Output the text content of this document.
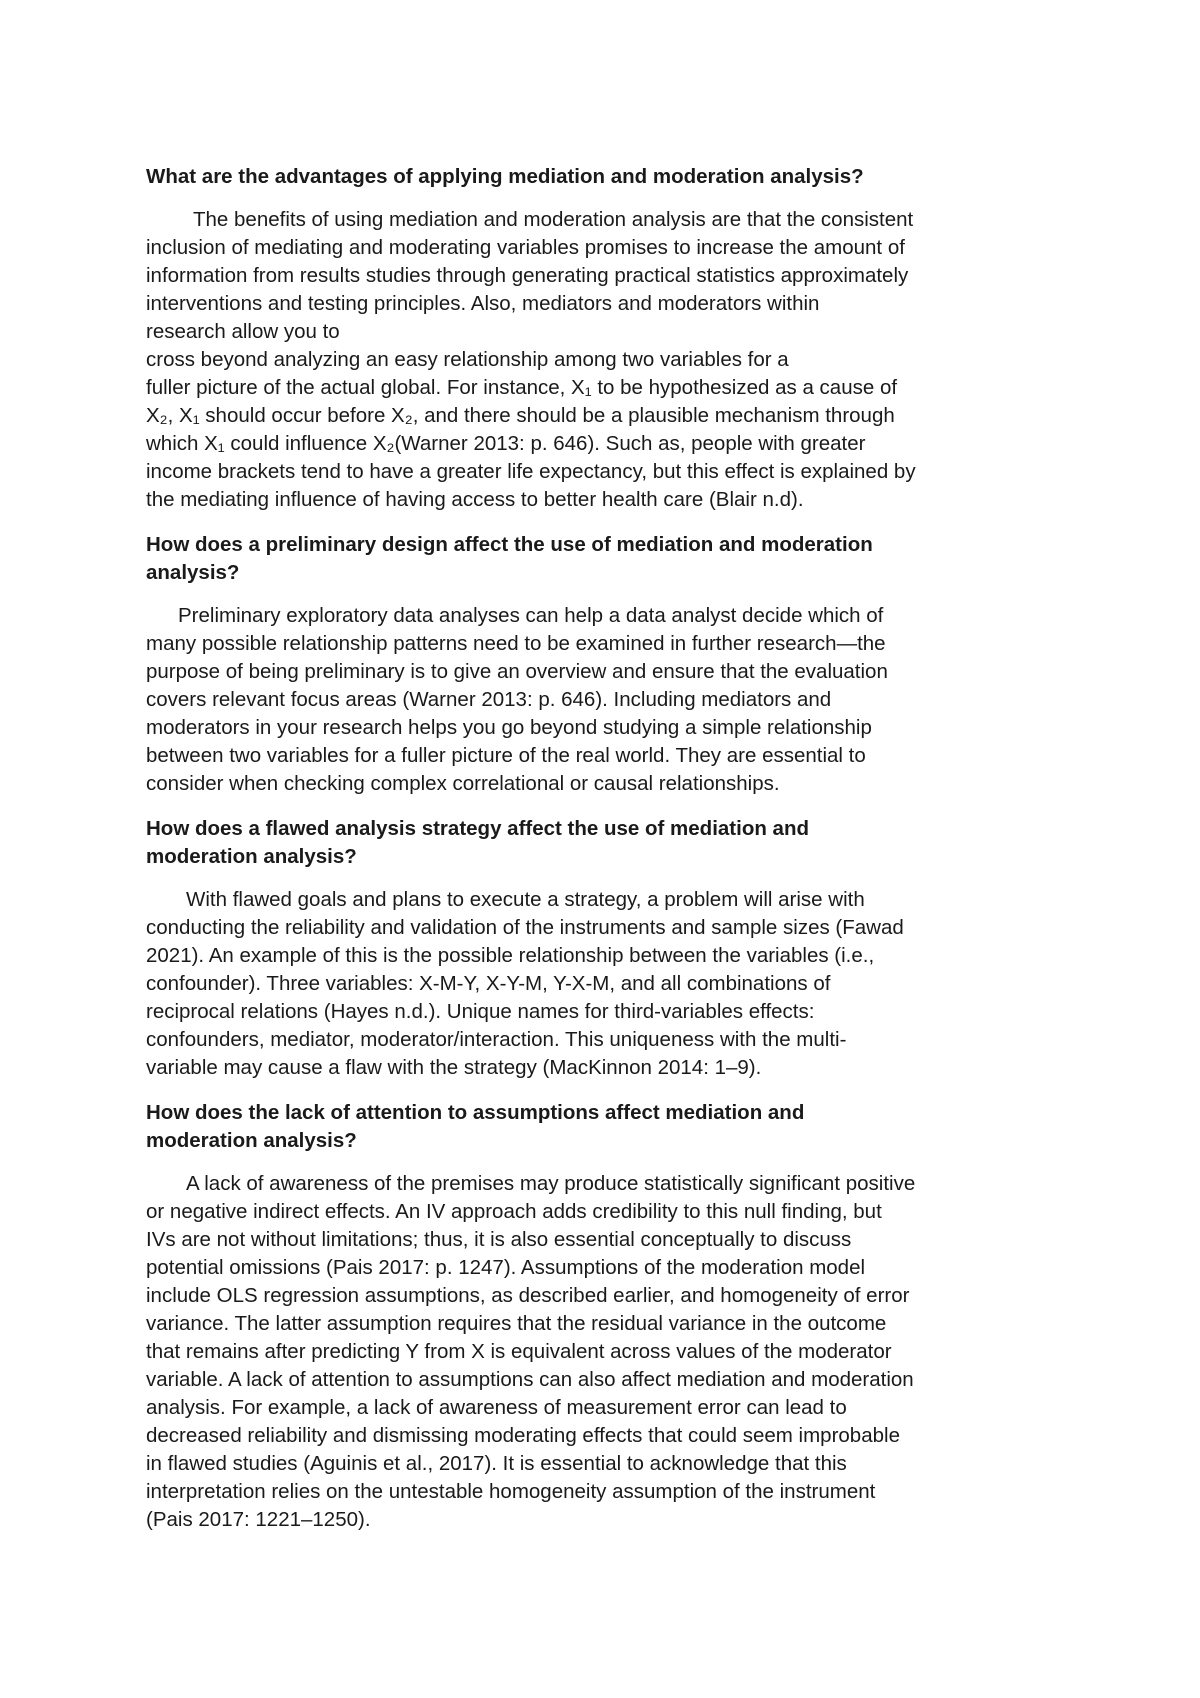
What are the advantages of applying mediation and moderation analysis?

The benefits of using mediation and moderation analysis are that the consistent
inclusion of mediating and moderating variables promises to increase the amount of
information from results studies through generating practical statistics approximately
interventions and testing principles. Also, mediators and moderators within
research allow you to
cross beyond analyzing an easy relationship among two variables for a
fuller picture of the actual global. For instance, X₁ to be hypothesized as a cause of
X₂, X₁ should occur before X₂, and there should be a plausible mechanism through
which X₁ could influence X₂(Warner 2013: p. 646). Such as, people with greater
income brackets tend to have a greater life expectancy, but this effect is explained by
the mediating influence of having access to better health care (Blair n.d).

How does a preliminary design affect the use of mediation and moderation
analysis?

Preliminary exploratory data analyses can help a data analyst decide which of
many possible relationship patterns need to be examined in further research—the
purpose of being preliminary is to give an overview and ensure that the evaluation
covers relevant focus areas (Warner 2013: p. 646). Including mediators and
moderators in your research helps you go beyond studying a simple relationship
between two variables for a fuller picture of the real world. They are essential to
consider when checking complex correlational or causal relationships.

How does a flawed analysis strategy affect the use of mediation and
moderation analysis?

With flawed goals and plans to execute a strategy, a problem will arise with
conducting the reliability and validation of the instruments and sample sizes (Fawad
2021). An example of this is the possible relationship between the variables (i.e.,
confounder). Three variables: X-M-Y, X-Y-M, Y-X-M, and all combinations of
reciprocal relations (Hayes n.d.). Unique names for third-variables effects:
confounders, mediator, moderator/interaction. This uniqueness with the multi-
variable may cause a flaw with the strategy (MacKinnon 2014: 1–9).

How does the lack of attention to assumptions affect mediation and
moderation analysis?

A lack of awareness of the premises may produce statistically significant positive
or negative indirect effects. An IV approach adds credibility to this null finding, but
IVs are not without limitations; thus, it is also essential conceptually to discuss
potential omissions (Pais 2017: p. 1247). Assumptions of the moderation model
include OLS regression assumptions, as described earlier, and homogeneity of error
variance. The latter assumption requires that the residual variance in the outcome
that remains after predicting Y from X is equivalent across values of the moderator
variable. A lack of attention to assumptions can also affect mediation and moderation
analysis. For example, a lack of awareness of measurement error can lead to
decreased reliability and dismissing moderating effects that could seem improbable
in flawed studies (Aguinis et al., 2017). It is essential to acknowledge that this
interpretation relies on the untestable homogeneity assumption of the instrument
(Pais 2017: 1221–1250).
